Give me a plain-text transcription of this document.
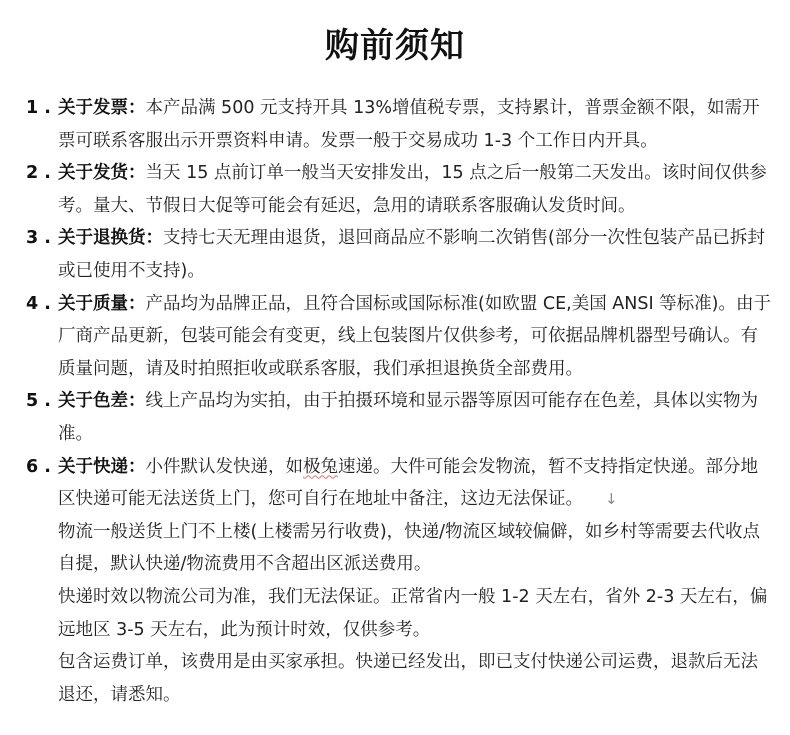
购前须知
1 . 关于发票：本产品满 500 元支持开具 13%增值税专票，支持累计，普票金额不限，如需开票可联系客服出示开票资料申请。发票一般于交易成功 1-3 个工作日内开具。
2 . 关于发货：当天 15 点前订单一般当天安排发出，15 点之后一般第二天发出。该时间仅供参考。量大、节假日大促等可能会有延迟，急用的请联系客服确认发货时间。
3 . 关于退换货：支持七天无理由退货，退回商品应不影响二次销售(部分一次性包装产品已拆封或已使用不支持)。
4 . 关于质量：产品均为品牌正品，且符合国标或国际标准(如欧盟 CE,美国 ANSI 等标准)。由于厂商产品更新，包装可能会有变更，线上包装图片仅供参考，可依据品牌机器型号确认。有质量问题，请及时拍照拒收或联系客服，我们承担退换货全部费用。
5 . 关于色差：线上产品均为实拍，由于拍摄环境和显示器等原因可能存在色差，具体以实物为准。
6 . 关于快递：小件默认发快递，如极兔速递。大件可能会发物流，暂不支持指定快递。部分地区快递可能无法送货上门，您可自行在地址中备注，这边无法保证。 ↓
物流一般送货上门不上楼(上楼需另行收费)，快递/物流区域较偏僻，如乡村等需要去代收点自提，默认快递/物流费用不含超出区派送费用。
快递时效以物流公司为准，我们无法保证。正常省内一般 1-2 天左右，省外 2-3 天左右，偏远地区 3-5 天左右，此为预计时效，仅供参考。
包含运费订单，该费用是由买家承担。快递已经发出，即已支付快递公司运费，退款后无法退还，请悉知。
